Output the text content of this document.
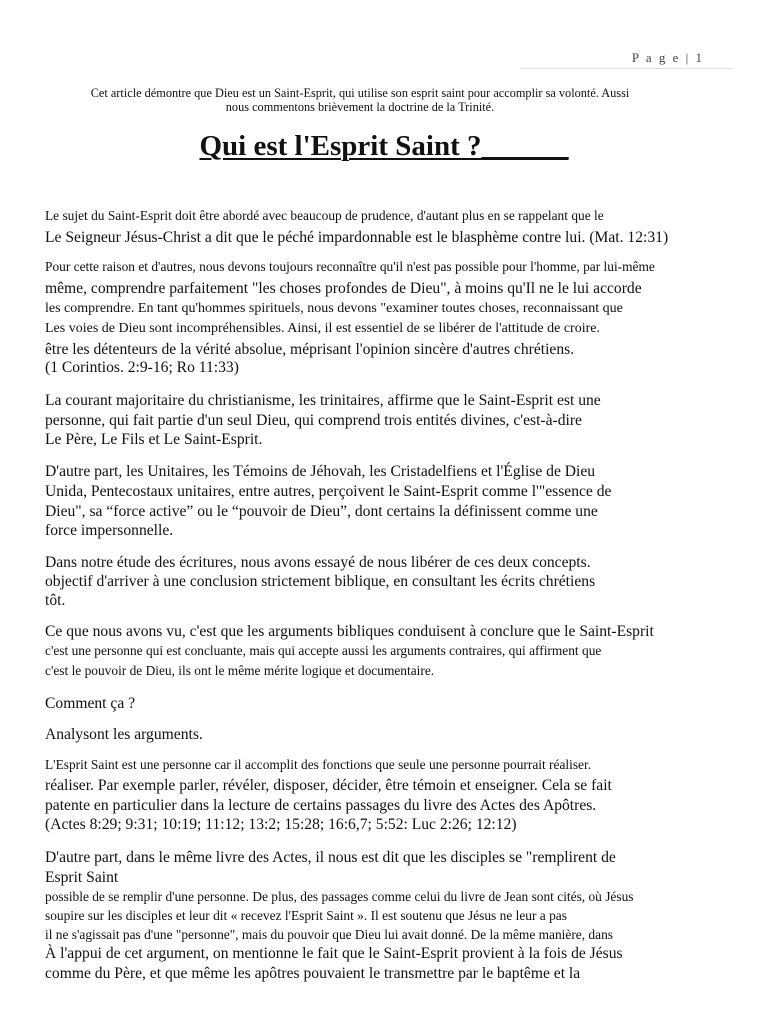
P a g e | 1
Cet article démontre que Dieu est un Saint-Esprit, qui utilise son esprit saint pour accomplir sa volonté. Aussi
nous commentons brièvement la doctrine de la Trinité.
Qui est l'Esprit Saint ?______
Le sujet du Saint-Esprit doit être abordé avec beaucoup de prudence, d'autant plus en se rappelant que le
Le Seigneur Jésus-Christ a dit que le péché impardonnable est le blasphème contre lui. (Mat. 12:31)
Pour cette raison et d'autres, nous devons toujours reconnaître qu'il n'est pas possible pour l'homme, par lui-même
même, comprendre parfaitement "les choses profondes de Dieu", à moins qu'Il ne le lui accorde
les comprendre. En tant qu'hommes spirituels, nous devons "examiner toutes choses, reconnaissant que
Les voies de Dieu sont incompréhensibles. Ainsi, il est essentiel de se libérer de l'attitude de croire.
être les détenteurs de la vérité absolue, méprisant l'opinion sincère d'autres chrétiens.
(1 Corintios. 2:9-16; Ro 11:33)
La courant majoritaire du christianisme, les trinitaires, affirme que le Saint-Esprit est une
personne, qui fait partie d'un seul Dieu, qui comprend trois entités divines, c'est-à-dire
Le Père, Le Fils et Le Saint-Esprit.
D'autre part, les Unitaires, les Témoins de Jéhovah, les Cristadelfiens et l'Église de Dieu
Unida, Pentecostaux unitaires, entre autres, perçoivent le Saint-Esprit comme l'"essence de
Dieu", sa “force active” ou le “pouvoir de Dieu”, dont certains la définissent comme une
force impersonnelle.
Dans notre étude des écritures, nous avons essayé de nous libérer de ces deux concepts.
objectif d'arriver à une conclusion strictement biblique, en consultant les écrits chrétiens
tôt.
Ce que nous avons vu, c'est que les arguments bibliques conduisent à conclure que le Saint-Esprit
c'est une personne qui est concluante, mais qui accepte aussi les arguments contraires, qui affirment que
c'est le pouvoir de Dieu, ils ont le même mérite logique et documentaire.
Comment ça ?
Analysont les arguments.
L'Esprit Saint est une personne car il accomplit des fonctions que seule une personne pourrait réaliser.
réaliser. Par exemple parler, révéler, disposer, décider, être témoin et enseigner. Cela se fait
patente en particulier dans la lecture de certains passages du livre des Actes des Apôtres.
(Actes 8:29; 9:31; 10:19; 11:12; 13:2; 15:28; 16:6,7; 5:52: Luc 2:26; 12:12)
D'autre part, dans le même livre des Actes, il nous est dit que les disciples se "remplirent de
Esprit Saint
possible de se remplir d'une personne. De plus, des passages comme celui du livre de Jean sont cités, où Jésus
soupire sur les disciples et leur dit « recevez l'Esprit Saint ». Il est soutenu que Jésus ne leur a pas
il ne s'agissait pas d'une "personne", mais du pouvoir que Dieu lui avait donné. De la même manière, dans
À l'appui de cet argument, on mentionne le fait que le Saint-Esprit provient à la fois de Jésus
comme du Père, et que même les apôtres pouvaient le transmettre par le baptême et la
